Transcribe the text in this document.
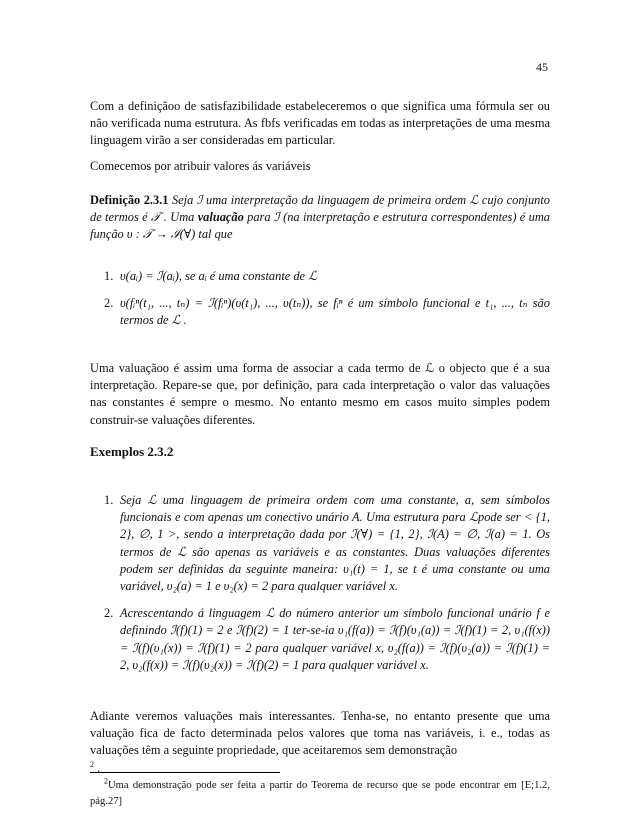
45
Com a definiçãoo de satisfazibilidade estabeleceremos o que significa uma fórmula ser ou não verificada numa estrutura. As fbfs verificadas em todas as interpretações de uma mesma linguagem virão a ser consideradas em particular.
Comecemos por atribuir valores ás variáveis
Definição 2.3.1 Seja ℐ uma interpretação da linguagem de primeira ordem ℒ cujo conjunto de termos é 𝒯 . Uma valuação para ℐ (na interpretação e estrutura correspondentes) é uma função υ : 𝒯 → ℐ(∀) tal que
1. υ(aᵢ) = ℐ(aᵢ), se aᵢ é uma constante de ℒ
2. υ(fᵢⁿ(t₁, ..., tₙ) = ℐ(fᵢⁿ)(υ(t₁), ..., υ(tₙ)), se fᵢⁿ é um símbolo funcional e t₁, ..., tₙ são termos de ℒ .
Uma valuaçãoo é assim uma forma de associar a cada termo de ℒ o objecto que é a sua interpretação. Repare-se que, por definição, para cada interpretação o valor das valuações nas constantes é sempre o mesmo. No entanto mesmo em casos muito simples podem construir-se valuações diferentes.
Exemplos 2.3.2
1. Seja ℒ uma linguagem de primeira ordem com uma constante, a, sem símbolos funcionais e com apenas um conectivo unário A. Uma estrutura para ℒpode ser < {1, 2}, ∅, 1 >, sendo a interpretação dada por ℐ(∀) = {1, 2}, ℐ(A) = ∅, ℐ(a) = 1. Os termos de ℒ são apenas as variáveis e as constantes. Duas valuações diferentes podem ser definidas da seguinte maneira: υ₁(t) = 1, se t é uma constante ou uma variável, υ₂(a) = 1 e υ₂(x) = 2 para qualquer variável x.
2. Acrescentando á linguagem ℒ do número anterior um símbolo funcional unário f e definindo ℐ(f)(1) = 2 e ℐ(f)(2) = 1 ter-se-ia υ₁(f(a)) = ℐ(f)(υ₁(a)) = ℐ(f)(1) = 2, υ₁(f(x)) = ℐ(f)(υ₁(x)) = ℐ(f)(1) = 2 para qualquer variável x, υ₂(f(a)) = ℐ(f)(υ₂(a)) = ℐ(f)(1) = 2, υ₂(f(x)) = ℐ(f)(υ₂(x)) = ℐ(f)(2) = 1 para qualquer variável x.
Adiante veremos valuações mais interessantes. Tenha-se, no entanto presente que uma valuação fica de facto determinada pelos valores que toma nas variáveis, i. e., todas as valuações têm a seguinte propriedade, que aceitaremos sem demonstração
$^2$ .
$^2$Uma demonstração pode ser feita a partir do Teorema de recurso que se pode encontrar em [E;1.2, pág.27]
